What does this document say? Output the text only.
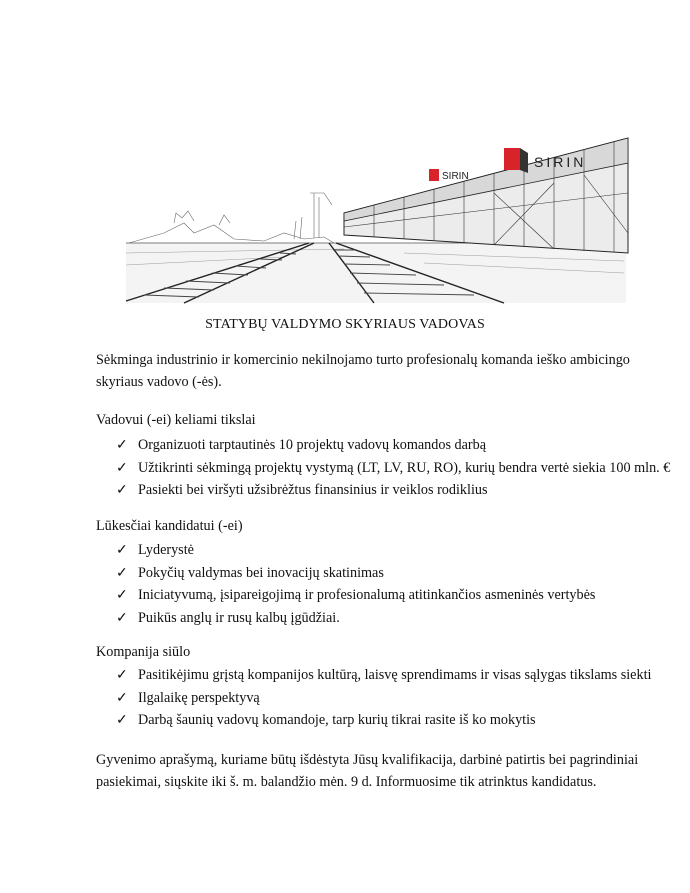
SIRIN
SIRIN
STATYBŲ VALDYMO SKYRIAUS VADOVAS
Sėkminga industrinio ir komercinio nekilnojamo turto profesionalų komanda ieško ambicingo skyriaus vadovo (-ės).
Vadovui (-ei) keliami tikslai
✓ Organizuoti tarptautinės 10 projektų vadovų komandos darbą
✓ Užtikrinti sėkmingą projektų vystymą (LT, LV, RU, RO), kurių bendra vertė siekia 100 mln. €
✓ Pasiekti bei viršyti užsibrėžtus finansinius ir veiklos rodiklius
Lūkesčiai kandidatui (-ei)
✓ Lyderystė
✓ Pokyčių valdymas bei inovacijų skatinimas
✓ Iniciatyvumą, įsipareigojimą ir profesionalumą atitinkančios asmeninės vertybės
✓ Puikūs anglų ir rusų kalbų įgūdžiai.
Kompanija siūlo
✓ Pasitikėjimu grįstą kompanijos kultūrą, laisvę sprendimams ir visas sąlygas tikslams siekti
✓ Ilgalaikę perspektyvą
✓ Darbą šaunių vadovų komandoje, tarp kurių tikrai rasite iš ko mokytis
Gyvenimo aprašymą, kuriame būtų išdėstyta Jūsų kvalifikacija, darbinė patirtis bei pagrindiniai pasiekimai, siųskite iki š. m. balandžio mėn. 9 d. Informuosime tik atrinktus kandidatus.
